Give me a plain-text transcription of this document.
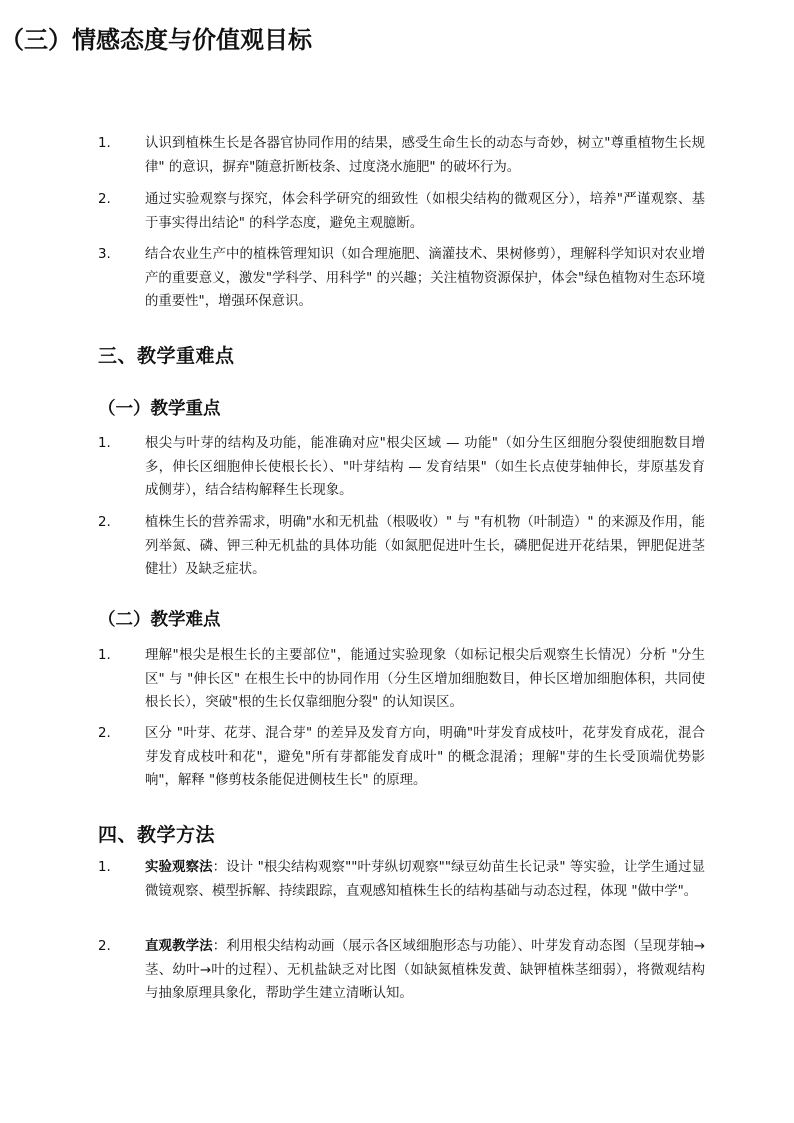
（三）情感态度与价值观目标
1.	认识到植株生长是各器官协同作用的结果，感受生命生长的动态与奇妙，树立"尊重植物生长规律" 的意识，摒弃"随意折断枝条、过度浇水施肥" 的破坏行为。
2.	通过实验观察与探究，体会科学研究的细致性（如根尖结构的微观区分），培养"严谨观察、基于事实得出结论" 的科学态度，避免主观臆断。
3.	结合农业生产中的植株管理知识（如合理施肥、滴灌技术、果树修剪），理解科学知识对农业增产的重要意义，激发"学科学、用科学" 的兴趣；关注植物资源保护，体会"绿色植物对生态环境的重要性"，增强环保意识。
三、教学重难点
（一）教学重点
1.	根尖与叶芽的结构及功能，能准确对应"根尖区域 — 功能"（如分生区细胞分裂使细胞数目增多，伸长区细胞伸长使根长长）、"叶芽结构 — 发育结果"（如生长点使芽轴伸长，芽原基发育成侧芽），结合结构解释生长现象。
2.	植株生长的营养需求，明确"水和无机盐（根吸收）" 与 "有机物（叶制造）" 的来源及作用，能列举氮、磷、钾三种无机盐的具体功能（如氮肥促进叶生长，磷肥促进开花结果，钾肥促进茎健壮）及缺乏症状。
（二）教学难点
1.	理解"根尖是根生长的主要部位"，能通过实验现象（如标记根尖后观察生长情况）分析 "分生区" 与 "伸长区" 在根生长中的协同作用（分生区增加细胞数目，伸长区增加细胞体积，共同使根长长），突破"根的生长仅靠细胞分裂" 的认知误区。
2.	区分 "叶芽、花芽、混合芽" 的差异及发育方向，明确"叶芽发育成枝叶，花芽发育成花，混合芽发育成枝叶和花"，避免"所有芽都能发育成叶" 的概念混淆；理解"芽的生长受顶端优势影响"，解释 "修剪枝条能促进侧枝生长" 的原理。
四、教学方法
1.	实验观察法：设计 "根尖结构观察""叶芽纵切观察""绿豆幼苗生长记录" 等实验，让学生通过显微镜观察、模型拆解、持续跟踪，直观感知植株生长的结构基础与动态过程，体现 "做中学"。
2.	直观教学法：利用根尖结构动画（展示各区域细胞形态与功能）、叶芽发育动态图（呈现芽轴→茎、幼叶→叶的过程）、无机盐缺乏对比图（如缺氮植株发黄、缺钾植株茎细弱），将微观结构与抽象原理具象化，帮助学生建立清晰认知。
